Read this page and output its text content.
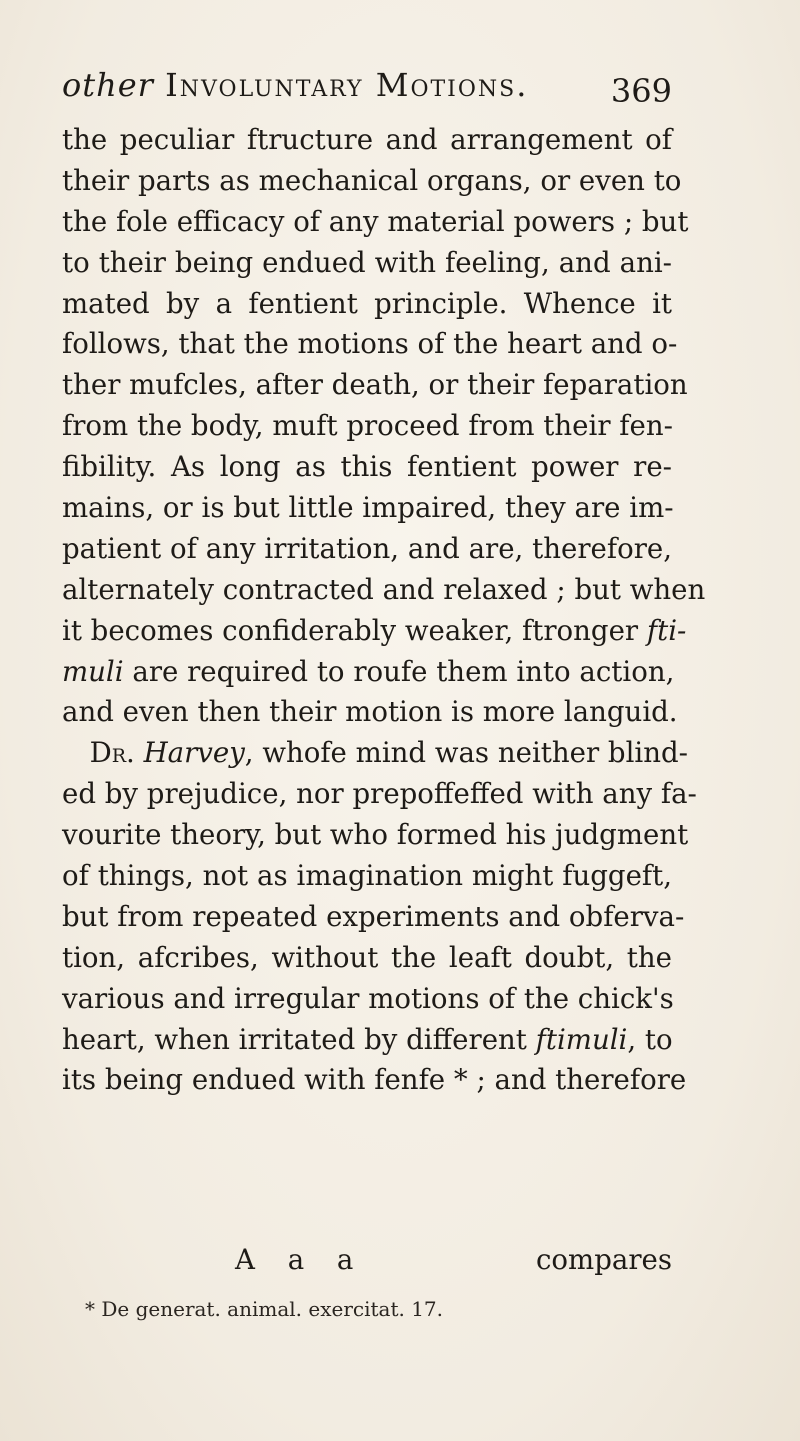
other Involuntary Motions.	369
the peculiar ftructure and arrangement of
their parts as mechanical organs, or even to
the fole efficacy of any material powers ; but
to their being endued with feeling, and ani-
mated by a fentient principle. Whence it
follows, that the motions of the heart and o-
ther mufcles, after death, or their feparation
from the body, muft proceed from their fen-
fibility. As long as this fentient power re-
mains, or is but little impaired, they are im-
patient of any irritation, and are, therefore,
alternately contracted and relaxed ; but when
it becomes confiderably weaker, ftronger fti-
muli are required to roufe them into action,
and even then their motion is more languid.
 Dr. Harvey, whofe mind was neither blind-
ed by prejudice, nor prepoffeffed with any fa-
vourite theory, but who formed his judgment
of things, not as imagination might fuggeft,
but from repeated experiments and obferva-
tion, afcribes, without the leaft doubt, the
various and irregular motions of the chick's
heart, when irritated by different ftimuli, to
its being endued with fenfe * ; and therefore
A a a	compares
* De generat. animal. exercitat. 17.
